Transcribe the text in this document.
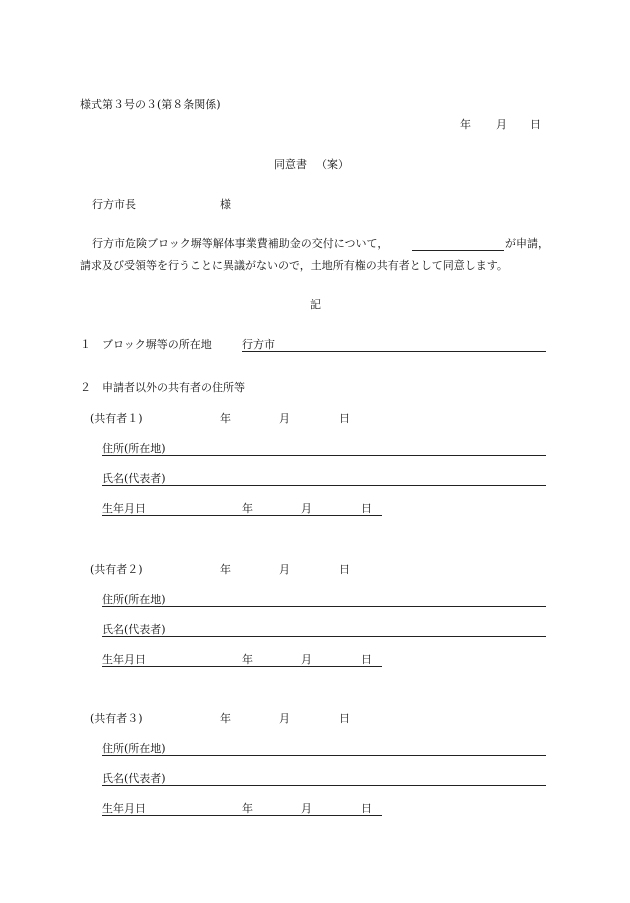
様式第３号の３(第８条関係)
年 月 日
同意書 （案）
行方市長	様
行方市危険ブロック塀等解体事業費補助金の交付について，	が申請，
請求及び受領等を行うことに異議がないので，土地所有権の共有者として同意します。
記
１ ブロック塀等の所在地	行方市
２ 申請者以外の共有者の住所等
(共有者１)	年	月	日
住所(所在地)
氏名(代表者)
生年月日	年	月	日
(共有者２)	年	月	日
住所(所在地)
氏名(代表者)
生年月日	年	月	日
(共有者３)	年	月	日
住所(所在地)
氏名(代表者)
生年月日	年	月	日
